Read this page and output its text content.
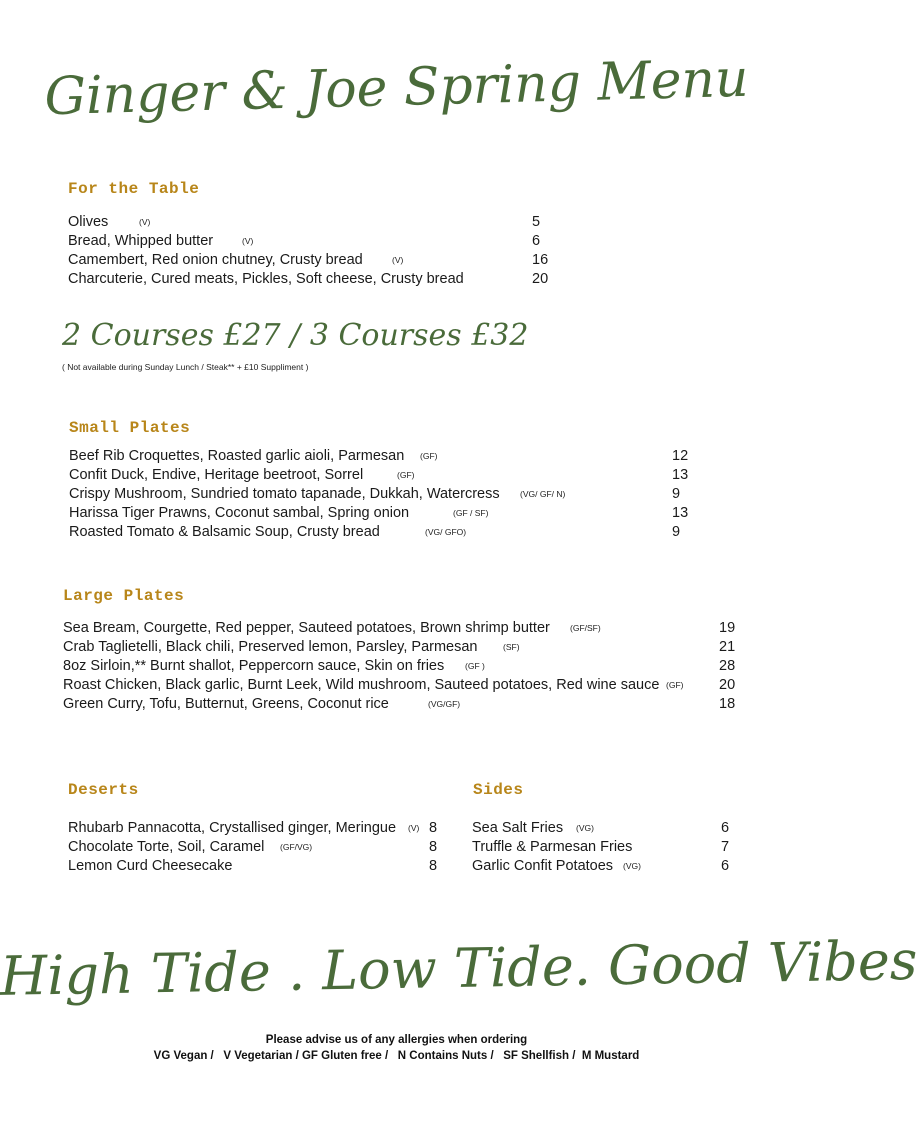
Ginger & Joe Spring Menu
For the Table
Olives	(V)	5
Bread, Whipped butter	(V)	6
Camembert, Red onion chutney, Crusty bread	(V)	16
Charcuterie, Cured meats, Pickles, Soft cheese, Crusty bread	20
2 Courses £27 / 3 Courses £32
( Not available during Sunday Lunch / Steak** + £10 Suppliment )
Small Plates
Beef Rib Croquettes, Roasted garlic aioli, Parmesan (GF)	12
Confit Duck, Endive, Heritage beetroot, Sorrel	(GF)	13
Crispy Mushroom, Sundried tomato tapanade, Dukkah, Watercress (VG/ GF/ N)	9
Harissa Tiger Prawns, Coconut sambal, Spring onion	(GF / SF)	13
Roasted Tomato & Balsamic Soup, Crusty bread	(VG/ GFO)	9
Large Plates
Sea Bream, Courgette, Red pepper, Sauteed potatoes, Brown shrimp butter (GF/SF)	19
Crab Taglietelli, Black chili, Preserved lemon, Parsley, Parmesan	(SF)	21
8oz Sirloin,** Burnt shallot, Peppercorn sauce, Skin on fries (GF )	28
Roast Chicken, Black garlic, Burnt Leek, Wild mushroom, Sauteed potatoes, Red wine sauce (GF) 20
Green Curry, Tofu, Butternut, Greens, Coconut rice	(VG/GF)	18
Deserts
Rhubarb Pannacotta, Crystallised ginger, Meringue (V) 8
Chocolate Torte, Soil, Caramel (GF/VG)	8
Lemon Curd Cheesecake	8
Sides
Sea Salt Fries (VG)	6
Truffle & Parmesan Fries	7
Garlic Confit Potatoes (VG)	6
High Tide . Low Tide. Good Vibes
Please advise us of any allergies when ordering
VG Vegan /   V Vegetarian / GF Gluten free /   N Contains Nuts /   SF Shellfish /  M Mustard
